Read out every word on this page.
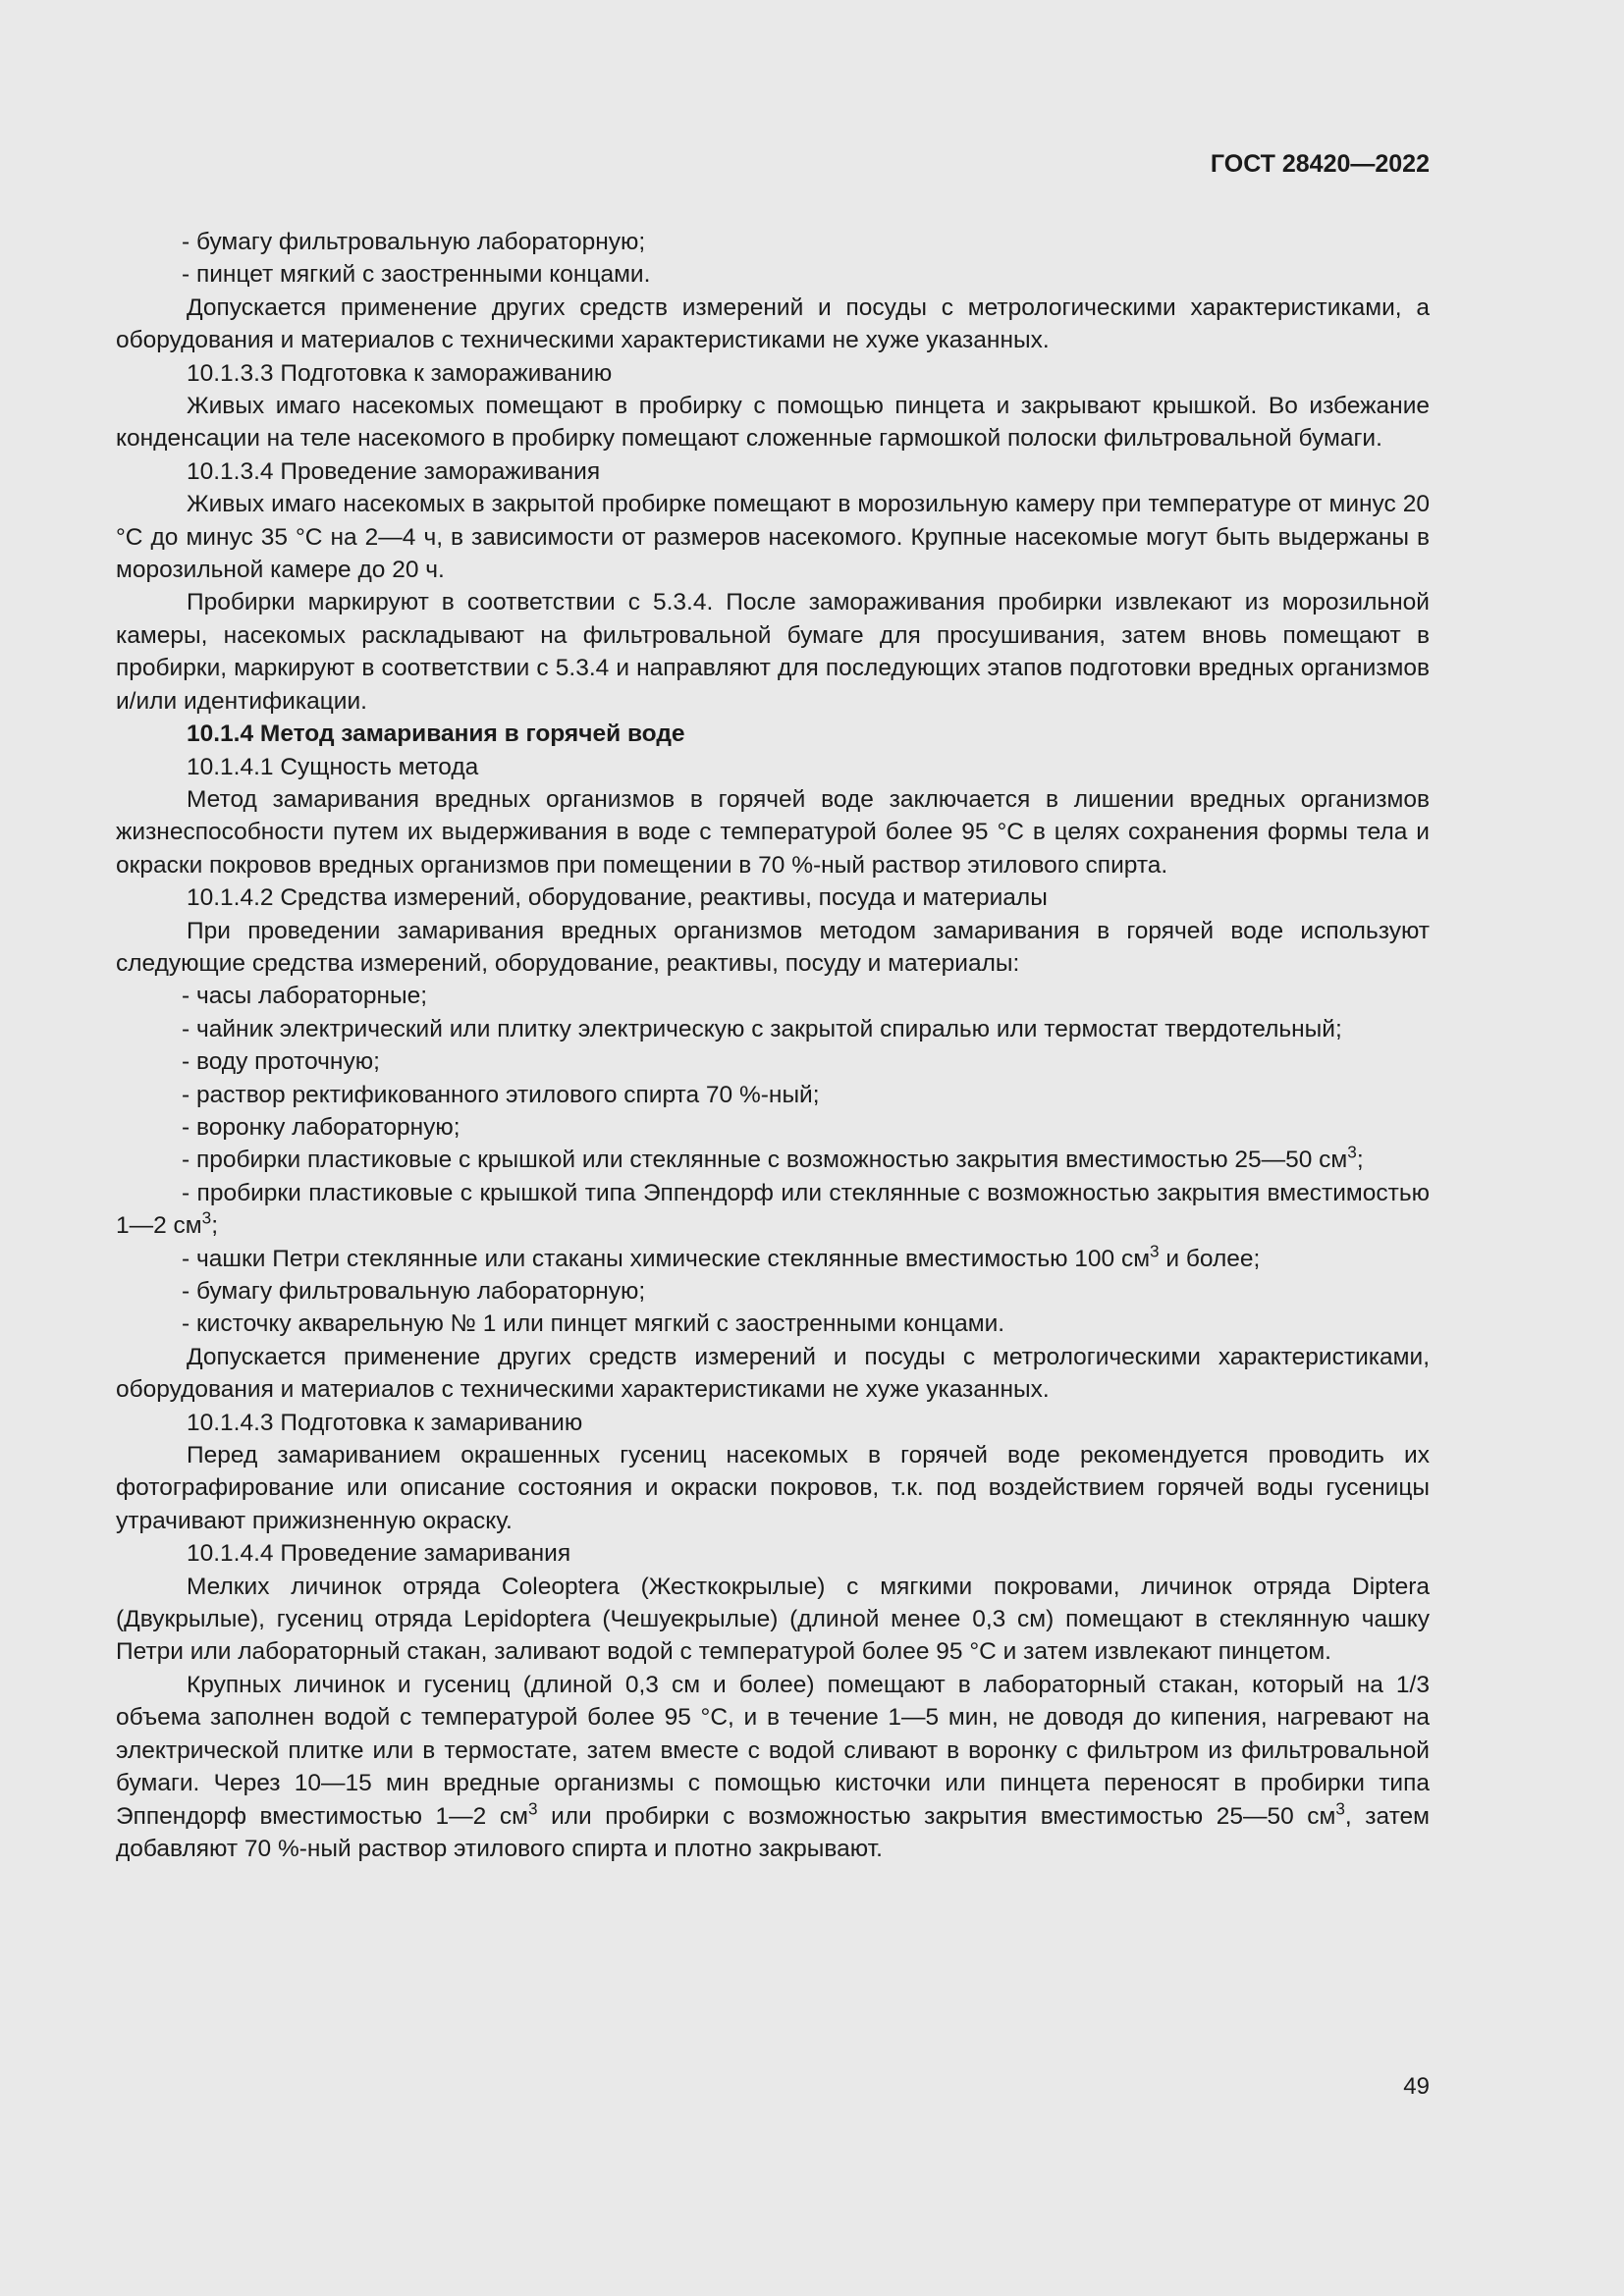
ГОСТ 28420—2022

- бумагу фильтровальную лабораторную;

- пинцет мягкий с заостренными концами.

Допускается применение других средств измерений и посуды с метрологическими характеристиками, а оборудования и материалов с техническими характеристиками не хуже указанных.

10.1.3.3 Подготовка к замораживанию

Живых имаго насекомых помещают в пробирку с помощью пинцета и закрывают крышкой. Во избежание конденсации на теле насекомого в пробирку помещают сложенные гармошкой полоски фильтровальной бумаги.

10.1.3.4 Проведение замораживания

Живых имаго насекомых в закрытой пробирке помещают в морозильную камеру при температуре от минус 20 °С до минус 35 °С на 2—4 ч, в зависимости от размеров насекомого. Крупные насекомые могут быть выдержаны в морозильной камере до 20 ч.

Пробирки маркируют в соответствии с 5.3.4. После замораживания пробирки извлекают из морозильной камеры, насекомых раскладывают на фильтровальной бумаге для просушивания, затем вновь помещают в пробирки, маркируют в соответствии с 5.3.4 и направляют для последующих этапов подготовки вредных организмов и/или идентификации.

10.1.4 Метод замаривания в горячей воде

10.1.4.1 Сущность метода

Метод замаривания вредных организмов в горячей воде заключается в лишении вредных организмов жизнеспособности путем их выдерживания в воде с температурой более 95 °С в целях сохранения формы тела и окраски покровов вредных организмов при помещении в 70 %-ный раствор этилового спирта.

10.1.4.2 Средства измерений, оборудование, реактивы, посуда и материалы

При проведении замаривания вредных организмов методом замаривания в горячей воде используют следующие средства измерений, оборудование, реактивы, посуду и материалы:

- часы лабораторные;

- чайник электрический или плитку электрическую с закрытой спиралью или термостат твердотельный;

- воду проточную;

- раствор ректификованного этилового спирта 70 %-ный;

- воронку лабораторную;

- пробирки пластиковые с крышкой или стеклянные с возможностью закрытия вместимостью 25—50 $см^3$;

- пробирки пластиковые с крышкой типа Эппендорф или стеклянные с возможностью закрытия вместимостью 1—2 $см^3$;

- чашки Петри стеклянные или стаканы химические стеклянные вместимостью 100 $см^3$ и более;

- бумагу фильтровальную лабораторную;

- кисточку акварельную № 1 или пинцет мягкий с заостренными концами.

Допускается применение других средств измерений и посуды с метрологическими характеристиками, оборудования и материалов с техническими характеристиками не хуже указанных.

10.1.4.3 Подготовка к замариванию

Перед замариванием окрашенных гусениц насекомых в горячей воде рекомендуется проводить их фотографирование или описание состояния и окраски покровов, т.к. под воздействием горячей воды гусеницы утрачивают прижизненную окраску.

10.1.4.4 Проведение замаривания

Мелких личинок отряда Coleoptera (Жесткокрылые) с мягкими покровами, личинок отряда Diptera (Двукрылые), гусениц отряда Lepidoptera (Чешуекрылые) (длиной менее 0,3 см) помещают в стеклянную чашку Петри или лабораторный стакан, заливают водой с температурой более 95 °С и затем извлекают пинцетом.

Крупных личинок и гусениц (длиной 0,3 см и более) помещают в лабораторный стакан, который на 1/3 объема заполнен водой с температурой более 95 °С, и в течение 1—5 мин, не доводя до кипения, нагревают на электрической плитке или в термостате, затем вместе с водой сливают в воронку с фильтром из фильтровальной бумаги. Через 10—15 мин вредные организмы с помощью кисточки или пинцета переносят в пробирки типа Эппендорф вместимостью 1—2 $см^3$ или пробирки с возможностью закрытия вместимостью 25—50 $см^3$, затем добавляют 70 %-ный раствор этилового спирта и плотно закрывают.

49
